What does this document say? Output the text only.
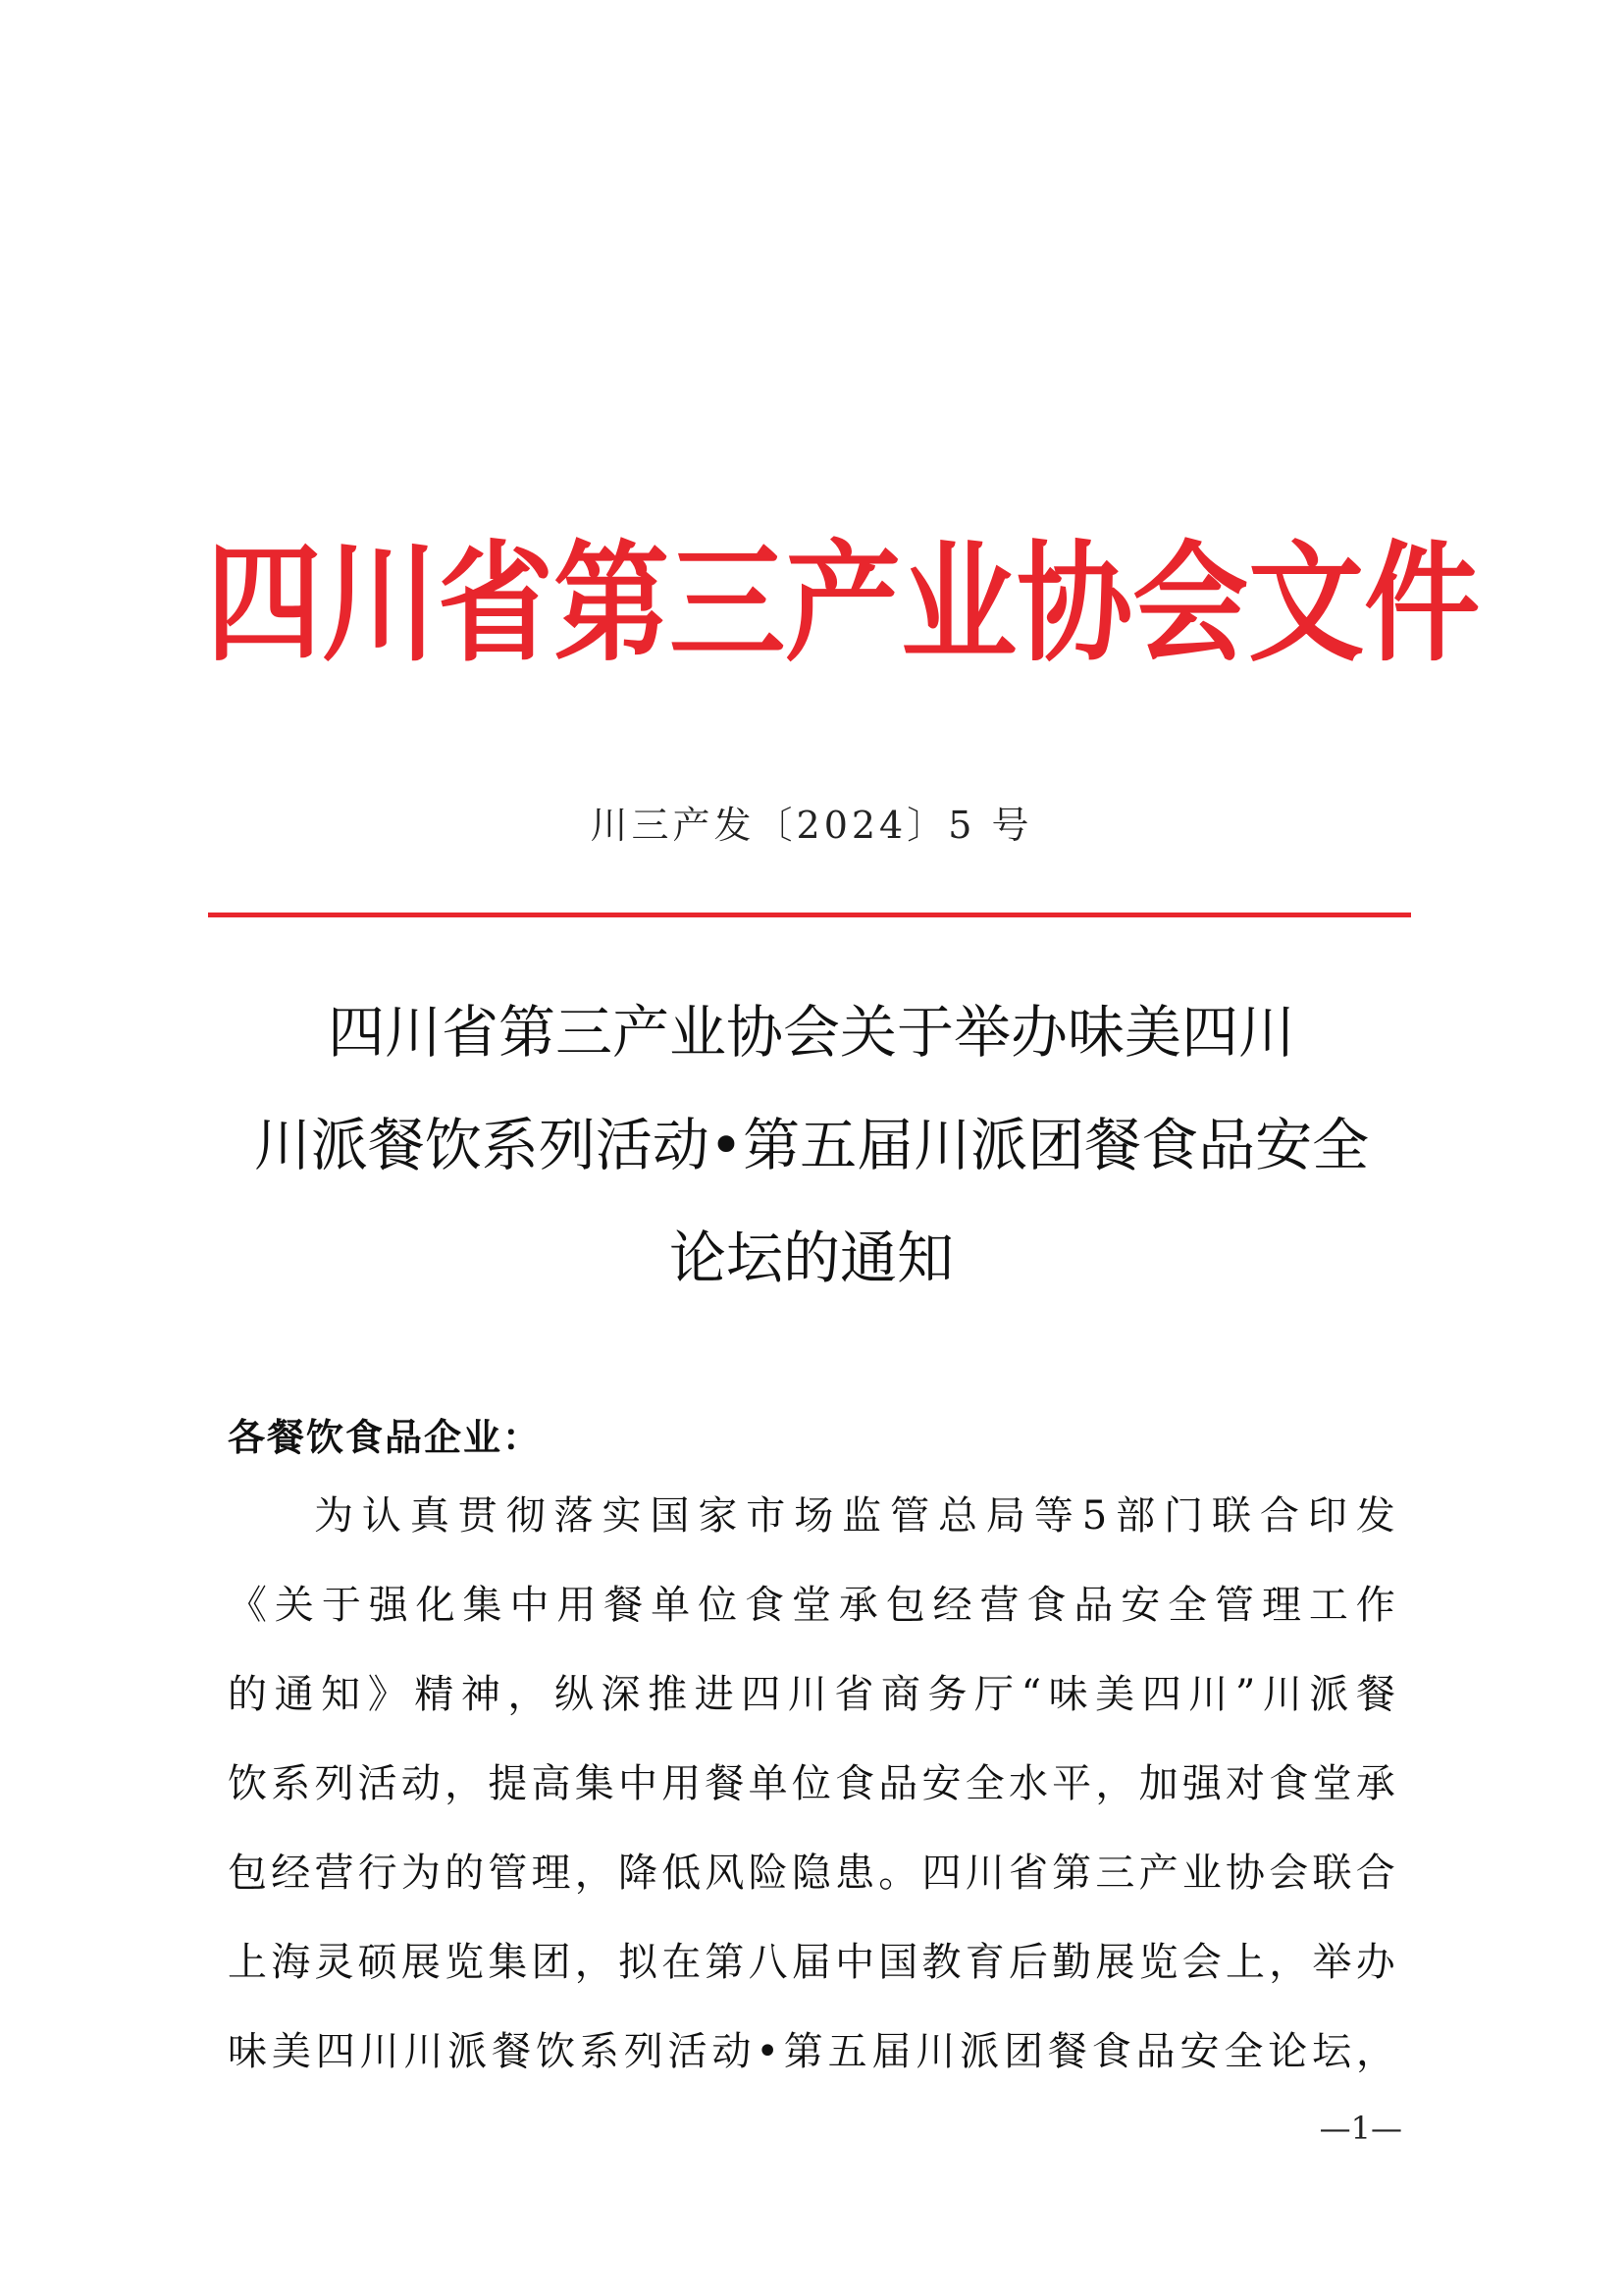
四 川 省 第 三 产 业 协 会 文 件

川三产发〔2024〕5 号

四川省第三产业协会关于举办味美四川
川派餐饮系列活动•第五届川派团餐食品安全
论坛的通知

各餐饮食品企业：

为 认 真 贯 彻 落 实 国 家 市 场 监 管 总 局 等 5 部 门 联 合 印 发

《 关 于 强 化 集 中 用 餐 单 位 食 堂 承 包 经 营 食 品 安 全 管 理 工 作

的 通 知 》 精 神 ， 纵 深 推 进 四 川 省 商 务 厅 “ 味 美 四 川 ” 川 派 餐

饮 系 列 活 动 ， 提 高 集 中 用 餐 单 位 食 品 安 全 水 平 ， 加 强 对 食 堂 承

包 经 营 行 为 的 管 理 ， 降 低 风 险 隐 患 。 四 川 省 第 三 产 业 协 会 联 合

上 海 灵 硕 展 览 集 团 ， 拟 在 第 八 届 中 国 教 育 后 勤 展 览 会 上 ， 举 办

味 美 四 川 川 派 餐 饮 系 列 活 动 • 第 五 届 川 派 团 餐 食 品 安 全 论 坛 ，

—1—
